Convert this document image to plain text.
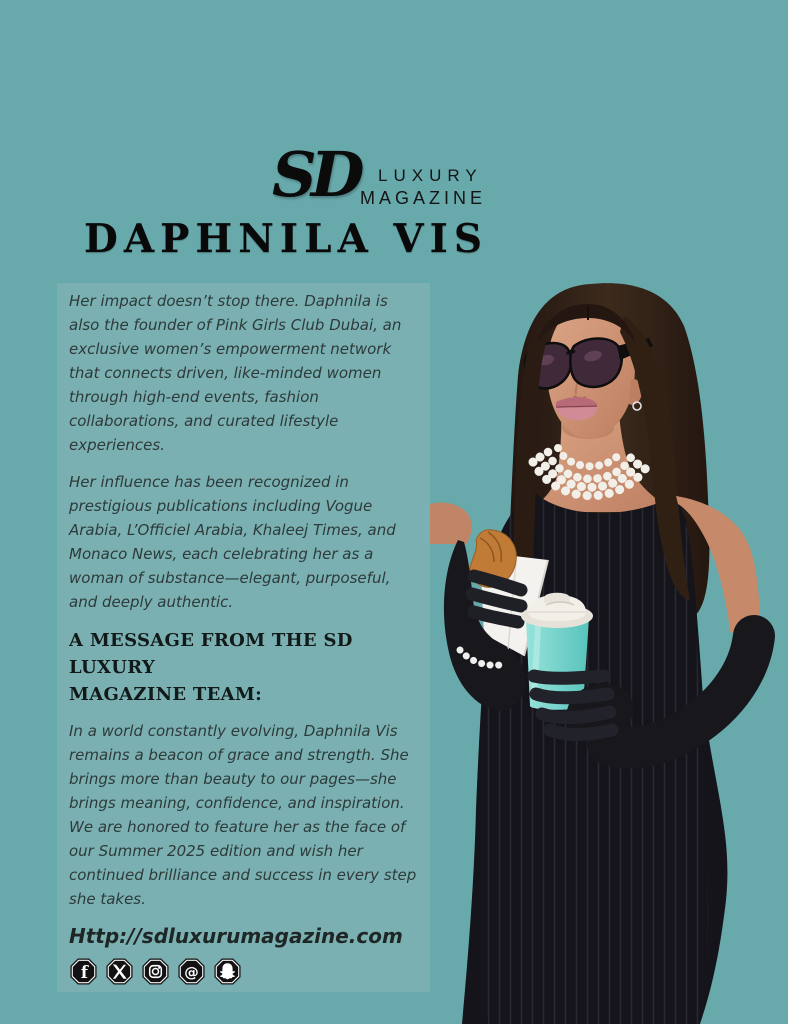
SD LUXURY
MAGAZINE
DAPHNILA VIS

Her impact doesn’t stop there. Daphnila is also the founder of Pink Girls Club Dubai, an exclusive women’s empowerment network that connects driven, like-minded women through high-end events, fashion collaborations, and curated lifestyle experiences.

Her influence has been recognized in prestigious publications including Vogue Arabia, L’Officiel Arabia, Khaleej Times, and Monaco News, each celebrating her as a woman of substance—elegant, purposeful, and deeply authentic.

A MESSAGE FROM THE SD LUXURY
MAGAZINE TEAM:

In a world constantly evolving, Daphnila Vis remains a beacon of grace and strength. She brings more than beauty to our pages—she brings meaning, confidence, and inspiration. We are honored to feature her as the face of our Summer 2025 edition and wish her continued brilliance and success in every step she takes.

Http://sdluxurumagazine.com
f	@
